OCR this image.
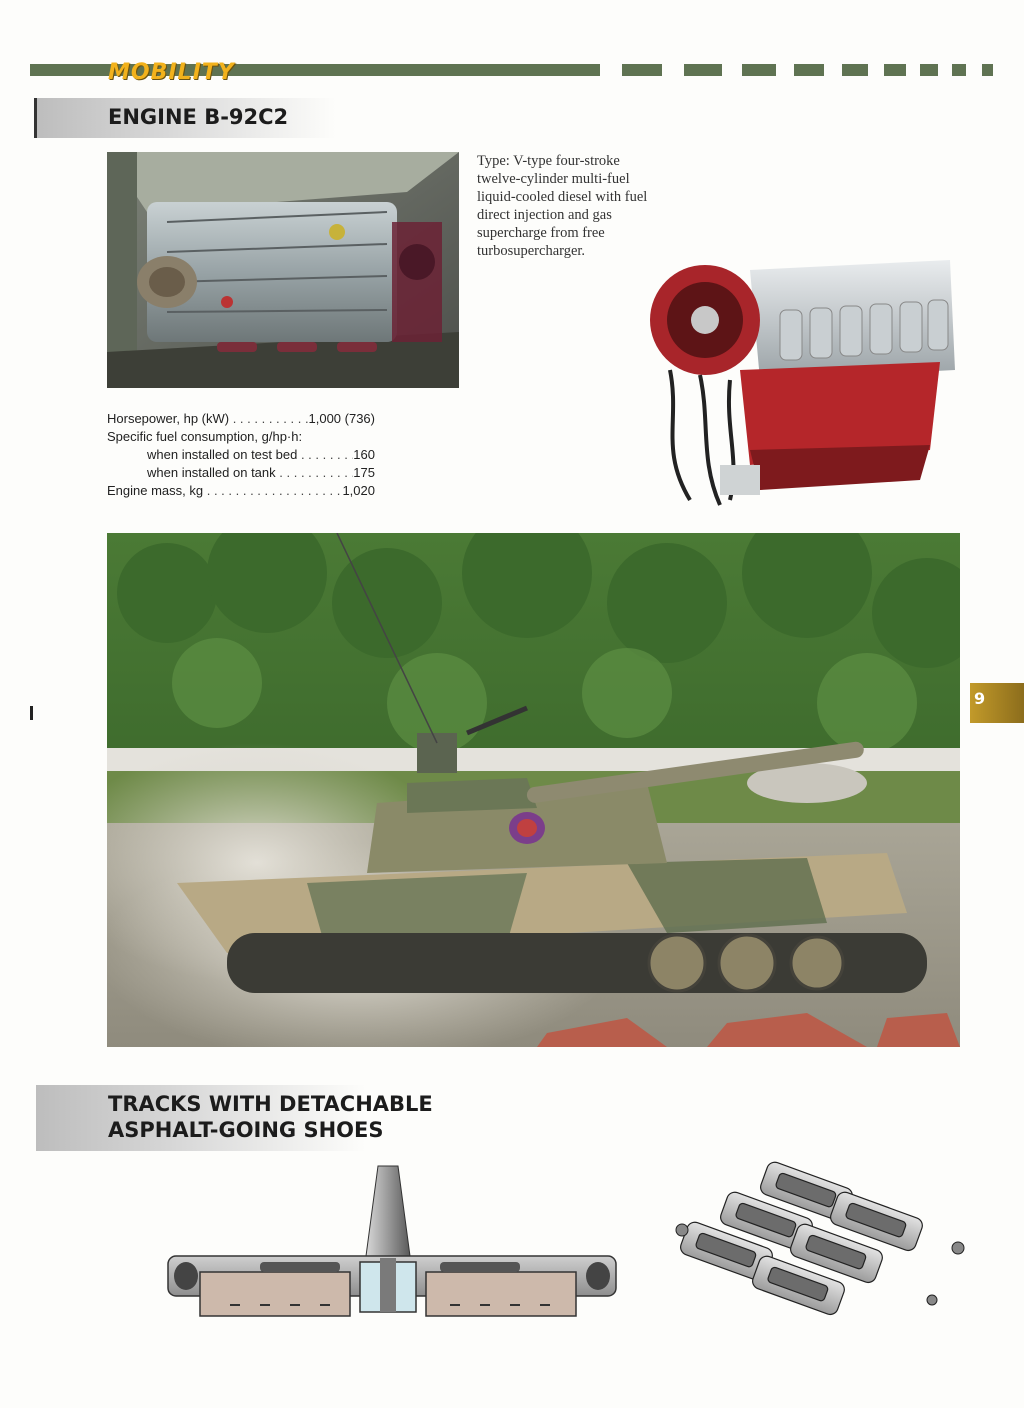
MOBILITY
ENGINE B-92C2
Type: V-type four-stroke
twelve-cylinder multi-fuel
liquid-cooled diesel with fuel
direct injection and gas
supercharge from free
turbosupercharger.
Horsepower, hp (kW) . . .	1,000 (736)
Specific fuel consumption, g/hp·h:
when installed on test bed . . .	160
when installed on tank . . .	175
Engine mass, kg . . .	1,020
9
TRACKS WITH DETACHABLE
ASPHALT-GOING SHOES
